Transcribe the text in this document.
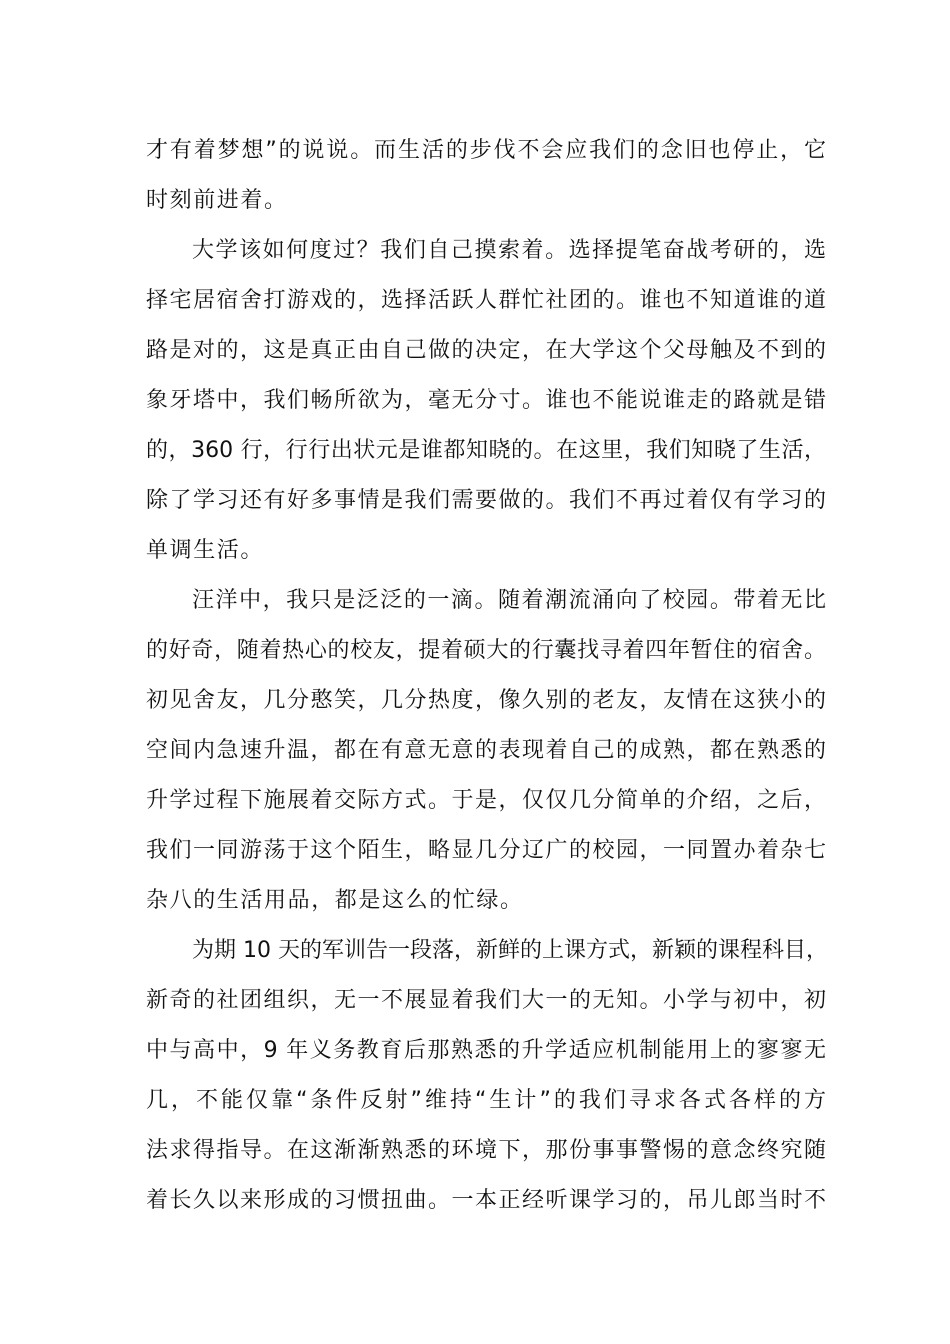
才有着梦想”的说说。而生活的步伐不会应我们的念旧也停止，它
时刻前进着。
大学该如何度过？我们自己摸索着。选择提笔奋战考研的，选
择宅居宿舍打游戏的，选择活跃人群忙社团的。谁也不知道谁的道
路是对的，这是真正由自己做的决定，在大学这个父母触及不到的
象牙塔中，我们畅所欲为，毫无分寸。谁也不能说谁走的路就是错
的，360 行，行行出状元是谁都知晓的。在这里，我们知晓了生活，
除了学习还有好多事情是我们需要做的。我们不再过着仅有学习的
单调生活。
汪洋中，我只是泛泛的一滴。随着潮流涌向了校园。带着无比
的好奇，随着热心的校友，提着硕大的行囊找寻着四年暂住的宿舍。
初见舍友，几分憨笑，几分热度，像久别的老友，友情在这狭小的
空间内急速升温，都在有意无意的表现着自己的成熟，都在熟悉的
升学过程下施展着交际方式。于是，仅仅几分简单的介绍，之后，
我们一同游荡于这个陌生，略显几分辽广的校园，一同置办着杂七
杂八的生活用品，都是这么的忙绿。
为期 10 天的军训告一段落，新鲜的上课方式，新颖的课程科目，
新奇的社团组织，无一不展显着我们大一的无知。小学与初中，初
中与高中，9 年义务教育后那熟悉的升学适应机制能用上的寥寥无
几，不能仅靠“条件反射”维持“生计”的我们寻求各式各样的方
法求得指导。在这渐渐熟悉的环境下，那份事事警惕的意念终究随
着长久以来形成的习惯扭曲。一本正经听课学习的，吊儿郎当时不
